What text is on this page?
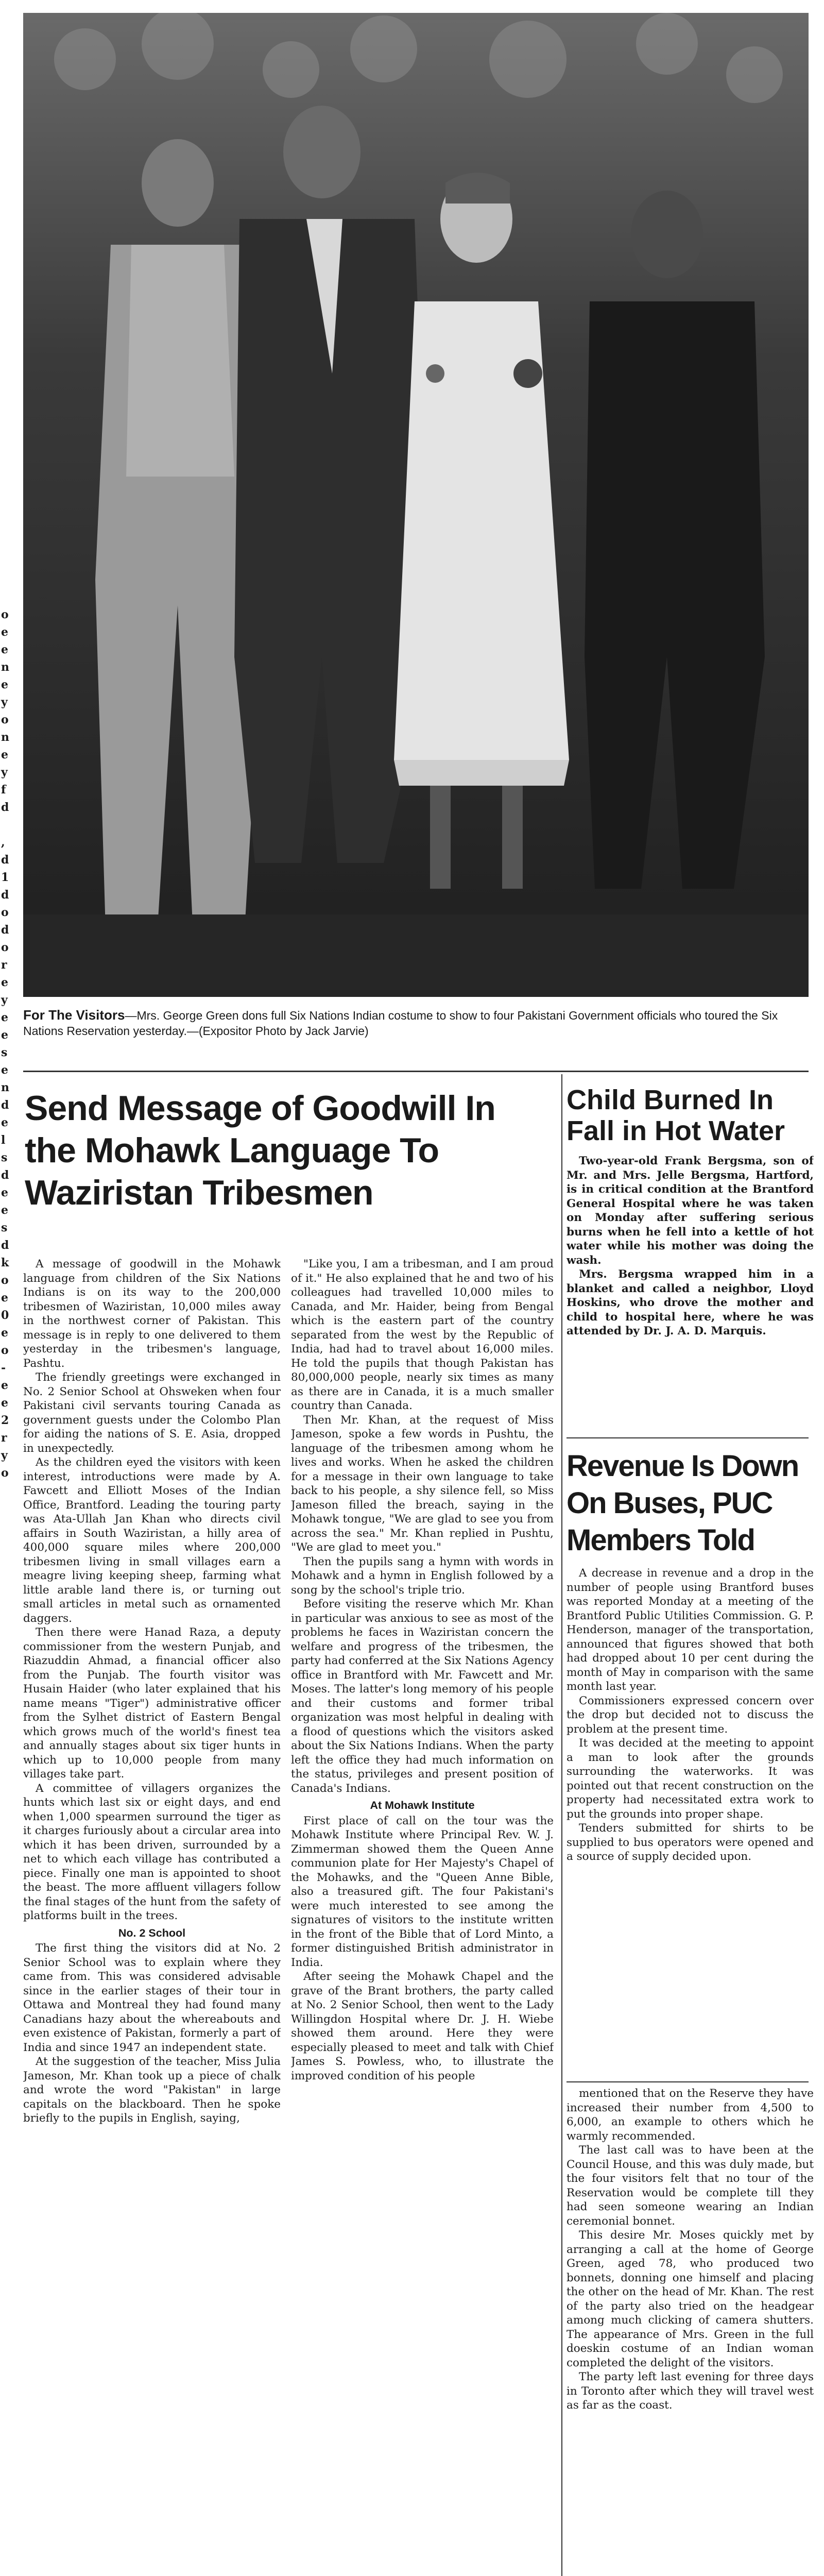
o
e
e
n
e
y
o
n
e
y
f
d
,
d
1
d
o
d
o
r
e
y
e
e
s
e
n
d
e
l
s
d
e
e
s
d
k
o
e
0
e
o
-
e
e
2
r
y
o
For The Visitors—Mrs. George Green dons full Six Nations Indian costume to show to four Pakistani Government officials who toured the Six Nations Reservation yesterday.—(Expositor Photo by Jack Jarvie)
Send Message of Goodwill In the Mohawk Language To Waziristan Tribesmen

A message of goodwill in the Mohawk language from children of the Six Nations Indians is on its way to the 200,000 tribesmen of Waziristan, 10,000 miles away in the northwest corner of Pakistan. This message is in reply to one delivered to them yesterday in the tribesmen's language, Pashtu.

The friendly greetings were exchanged in No. 2 Senior School at Ohsweken when four Pakistani civil servants touring Canada as government guests under the Colombo Plan for aiding the nations of S. E. Asia, dropped in unexpectedly.

As the children eyed the visitors with keen interest, introductions were made by A. Fawcett and Elliott Moses of the Indian Office, Brantford. Leading the touring party was Ata-Ullah Jan Khan who directs civil affairs in South Waziristan, a hilly area of 400,000 square miles where 200,000 tribesmen living in small villages earn a meagre living keeping sheep, farming what little arable land there is, or turning out small articles in metal such as ornamented daggers.

Then there were Hanad Raza, a deputy commissioner from the western Punjab, and Riazuddin Ahmad, a financial officer also from the Punjab. The fourth visitor was Husain Haider (who later explained that his name means "Tiger") administrative officer from the Sylhet district of Eastern Bengal which grows much of the world's finest tea and annually stages about six tiger hunts in which up to 10,000 people from many villages take part.

A committee of villagers organizes the hunts which last six or eight days, and end when 1,000 spearmen surround the tiger as it charges furiously about a circular area into which it has been driven, surrounded by a net to which each village has contributed a piece. Finally one man is appointed to shoot the beast. The more affluent villagers follow the final stages of the hunt from the safety of platforms built in the trees.

No. 2 School

The first thing the visitors did at No. 2 Senior School was to explain where they came from. This was considered advisable since in the earlier stages of their tour in Ottawa and Montreal they had found many Canadians hazy about the whereabouts and even existence of Pakistan, formerly a part of India and since 1947 an independent state.

At the suggestion of the teacher, Miss Julia Jameson, Mr. Khan took up a piece of chalk and wrote the word "Pakistan" in large capitals on the blackboard. Then he spoke briefly to the pupils in English, saying,

"Like you, I am a tribesman, and I am proud of it." He also explained that he and two of his colleagues had travelled 10,000 miles to Canada, and Mr. Haider, being from Bengal which is the eastern part of the country separated from the west by the Republic of India, had had to travel about 16,000 miles. He told the pupils that though Pakistan has 80,000,000 people, nearly six times as many as there are in Canada, it is a much smaller country than Canada.

Then Mr. Khan, at the request of Miss Jameson, spoke a few words in Pushtu, the language of the tribesmen among whom he lives and works. When he asked the children for a message in their own language to take back to his people, a shy silence fell, so Miss Jameson filled the breach, saying in the Mohawk tongue, "We are glad to see you from across the sea." Mr. Khan replied in Pushtu, "We are glad to meet you."

Then the pupils sang a hymn with words in Mohawk and a hymn in English followed by a song by the school's triple trio.

Before visiting the reserve which Mr. Khan in particular was anxious to see as most of the problems he faces in Waziristan concern the welfare and progress of the tribesmen, the party had conferred at the Six Nations Agency office in Brantford with Mr. Fawcett and Mr. Moses. The latter's long memory of his people and their customs and former tribal organization was most helpful in dealing with a flood of questions which the visitors asked about the Six Nations Indians. When the party left the office they had much information on the status, privileges and present position of Canada's Indians.

At Mohawk Institute

First place of call on the tour was the Mohawk Institute where Principal Rev. W. J. Zimmerman showed them the Queen Anne communion plate for Her Majesty's Chapel of the Mohawks, and the "Queen Anne Bible, also a treasured gift. The four Pakistani's were much interested to see among the signatures of visitors to the institute written in the front of the Bible that of Lord Minto, a former distinguished British administrator in India.

After seeing the Mohawk Chapel and the grave of the Brant brothers, the party called at No. 2 Senior School, then went to the Lady Willingdon Hospital where Dr. J. H. Wiebe showed them around. Here they were especially pleased to meet and talk with Chief James S. Powless, who, to illustrate the improved condition of his people

Child Burned In Fall in Hot Water

Two-year-old Frank Bergsma, son of Mr. and Mrs. Jelle Bergsma, Hartford, is in critical condition at the Brantford General Hospital where he was taken on Monday after suffering serious burns when he fell into a kettle of hot water while his mother was doing the wash.

Mrs. Bergsma wrapped him in a blanket and called a neighbor, Lloyd Hoskins, who drove the mother and child to hospital here, where he was attended by Dr. J. A. D. Marquis.

Revenue Is Down On Buses, PUC Members Told

A decrease in revenue and a drop in the number of people using Brantford buses was reported Monday at a meeting of the Brantford Public Utilities Commission. G. P. Henderson, manager of the transportation, announced that figures showed that both had dropped about 10 per cent during the month of May in comparison with the same month last year.

Commissioners expressed concern over the drop but decided not to discuss the problem at the present time.

It was decided at the meeting to appoint a man to look after the grounds surrounding the waterworks. It was pointed out that recent construction on the property had necessitated extra work to put the grounds into proper shape.

Tenders submitted for shirts to be supplied to bus operators were opened and a source of supply decided upon.

mentioned that on the Reserve they have increased their number from 4,500 to 6,000, an example to others which he warmly recommended.

The last call was to have been at the Council House, and this was duly made, but the four visitors felt that no tour of the Reservation would be complete till they had seen someone wearing an Indian ceremonial bonnet.

This desire Mr. Moses quickly met by arranging a call at the home of George Green, aged 78, who produced two bonnets, donning one himself and placing the other on the head of Mr. Khan. The rest of the party also tried on the headgear among much clicking of camera shutters. The appearance of Mrs. Green in the full doeskin costume of an Indian woman completed the delight of the visitors.

The party left last evening for three days in Toronto after which they will travel west as far as the coast.
